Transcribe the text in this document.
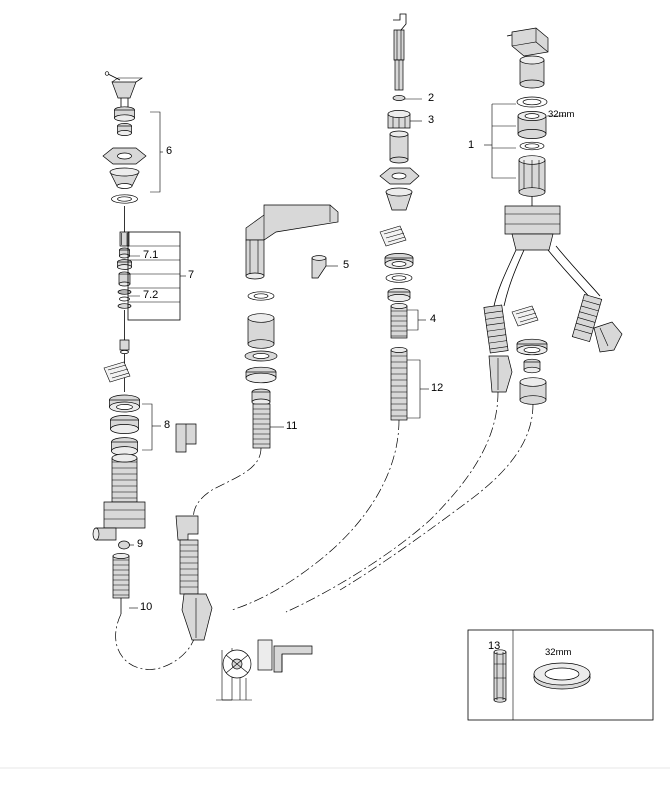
1
2
3
4
5
6
7
7.1
7.2
8
9
10
11
12
13
32mm
32mm
